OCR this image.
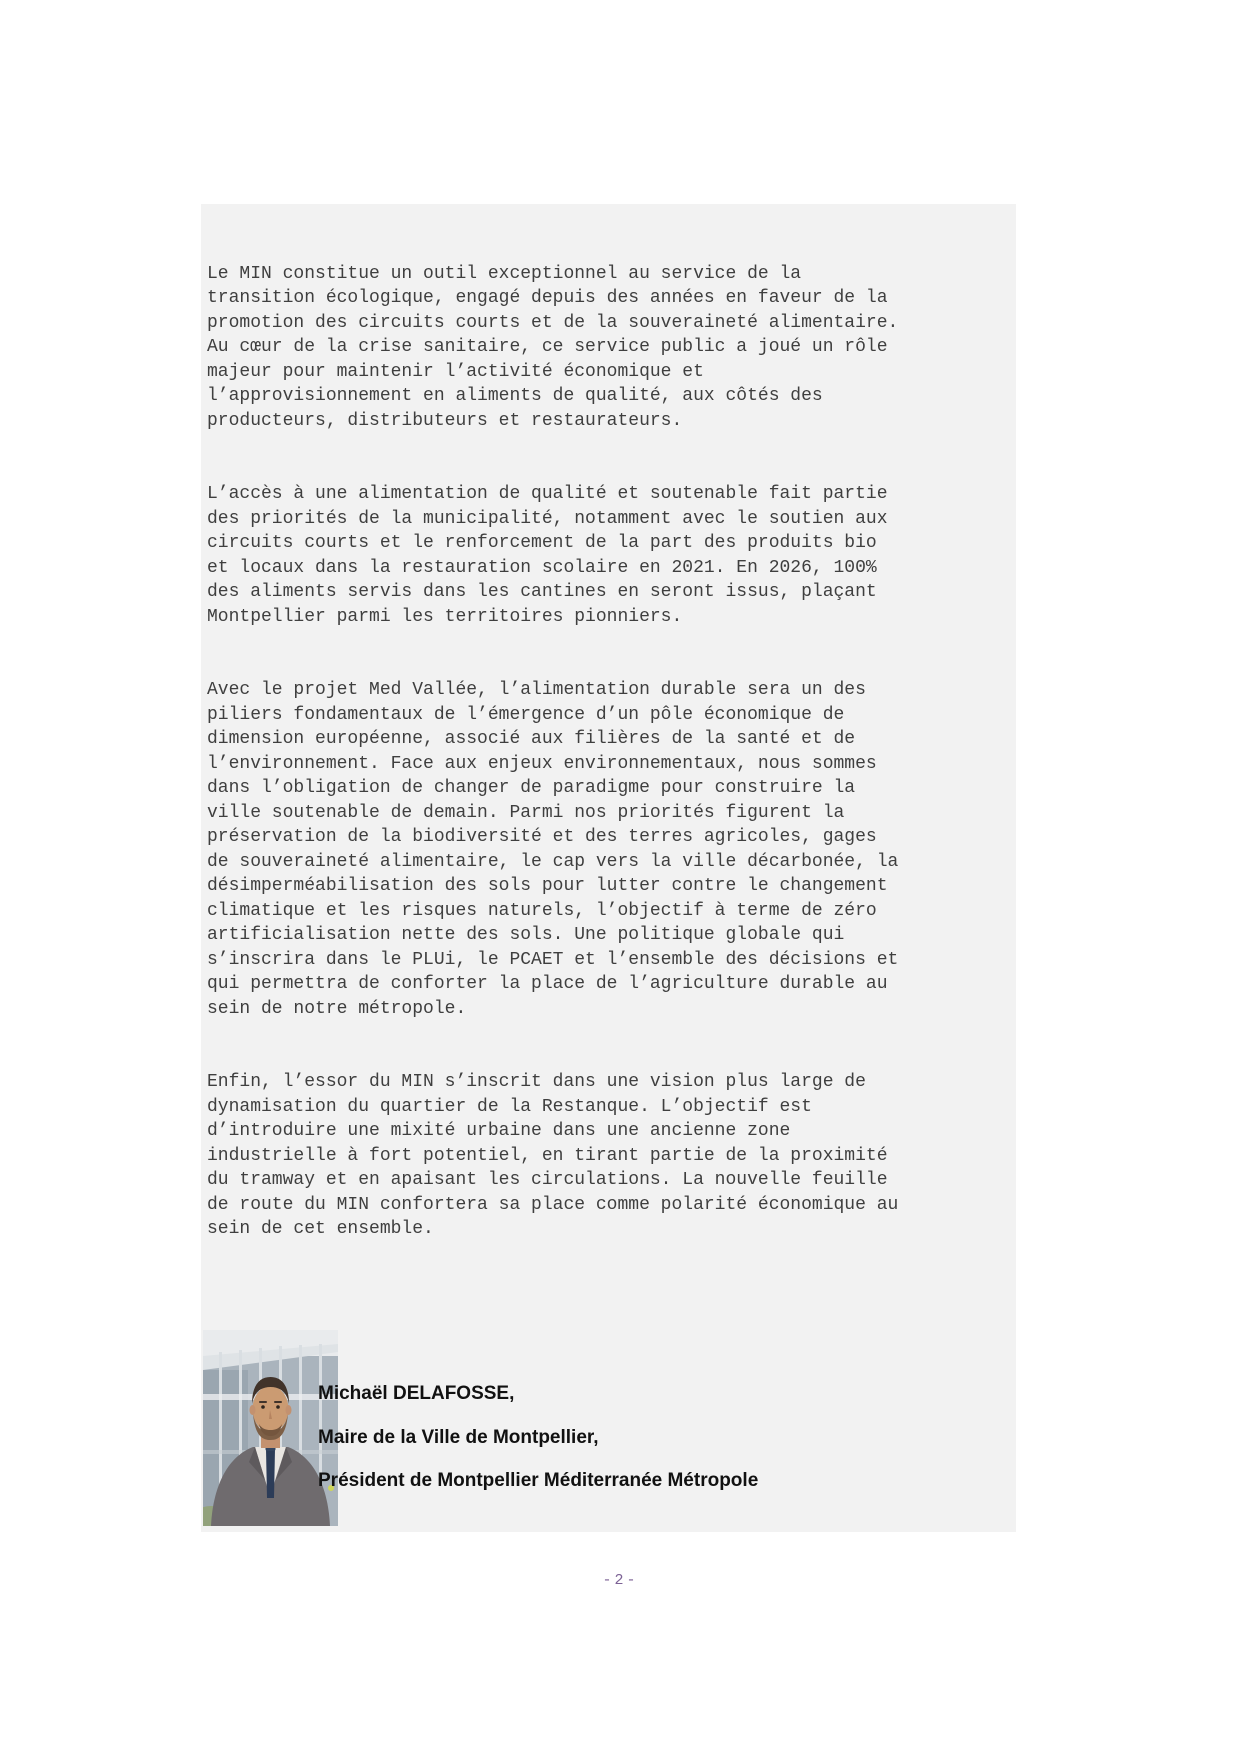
Le MIN constitue un outil exceptionnel au service de la
transition écologique, engagé depuis des années en faveur de la
promotion des circuits courts et de la souveraineté alimentaire.
Au cœur de la crise sanitaire, ce service public a joué un rôle
majeur pour maintenir l’activité économique et
l’approvisionnement en aliments de qualité, aux côtés des
producteurs, distributeurs et restaurateurs.

L’accès à une alimentation de qualité et soutenable fait partie
des priorités de la municipalité, notamment avec le soutien aux
circuits courts et le renforcement de la part des produits bio
et locaux dans la restauration scolaire en 2021. En 2026, 100%
des aliments servis dans les cantines en seront issus, plaçant
Montpellier parmi les territoires pionniers.

Avec le projet Med Vallée, l’alimentation durable sera un des
piliers fondamentaux de l’émergence d’un pôle économique de
dimension européenne, associé aux filières de la santé et de
l’environnement. Face aux enjeux environnementaux, nous sommes
dans l’obligation de changer de paradigme pour construire la
ville soutenable de demain. Parmi nos priorités figurent la
préservation de la biodiversité et des terres agricoles, gages
de souveraineté alimentaire, le cap vers la ville décarbonée, la
désimperméabilisation des sols pour lutter contre le changement
climatique et les risques naturels, l’objectif à terme de zéro
artificialisation nette des sols. Une politique globale qui
s’inscrira dans le PLUi, le PCAET et l’ensemble des décisions et
qui permettra de conforter la place de l’agriculture durable au
sein de notre métropole.

Enfin, l’essor du MIN s’inscrit dans une vision plus large de
dynamisation du quartier de la Restanque. L’objectif est
d’introduire une mixité urbaine dans une ancienne zone
industrielle à fort potentiel, en tirant partie de la proximité
du tramway et en apaisant les circulations. La nouvelle feuille
de route du MIN confortera sa place comme polarité économique au
sein de cet ensemble.

Michaël DELAFOSSE,
Maire de la Ville de Montpellier,
Président de Montpellier Méditerranée Métropole
-2-
